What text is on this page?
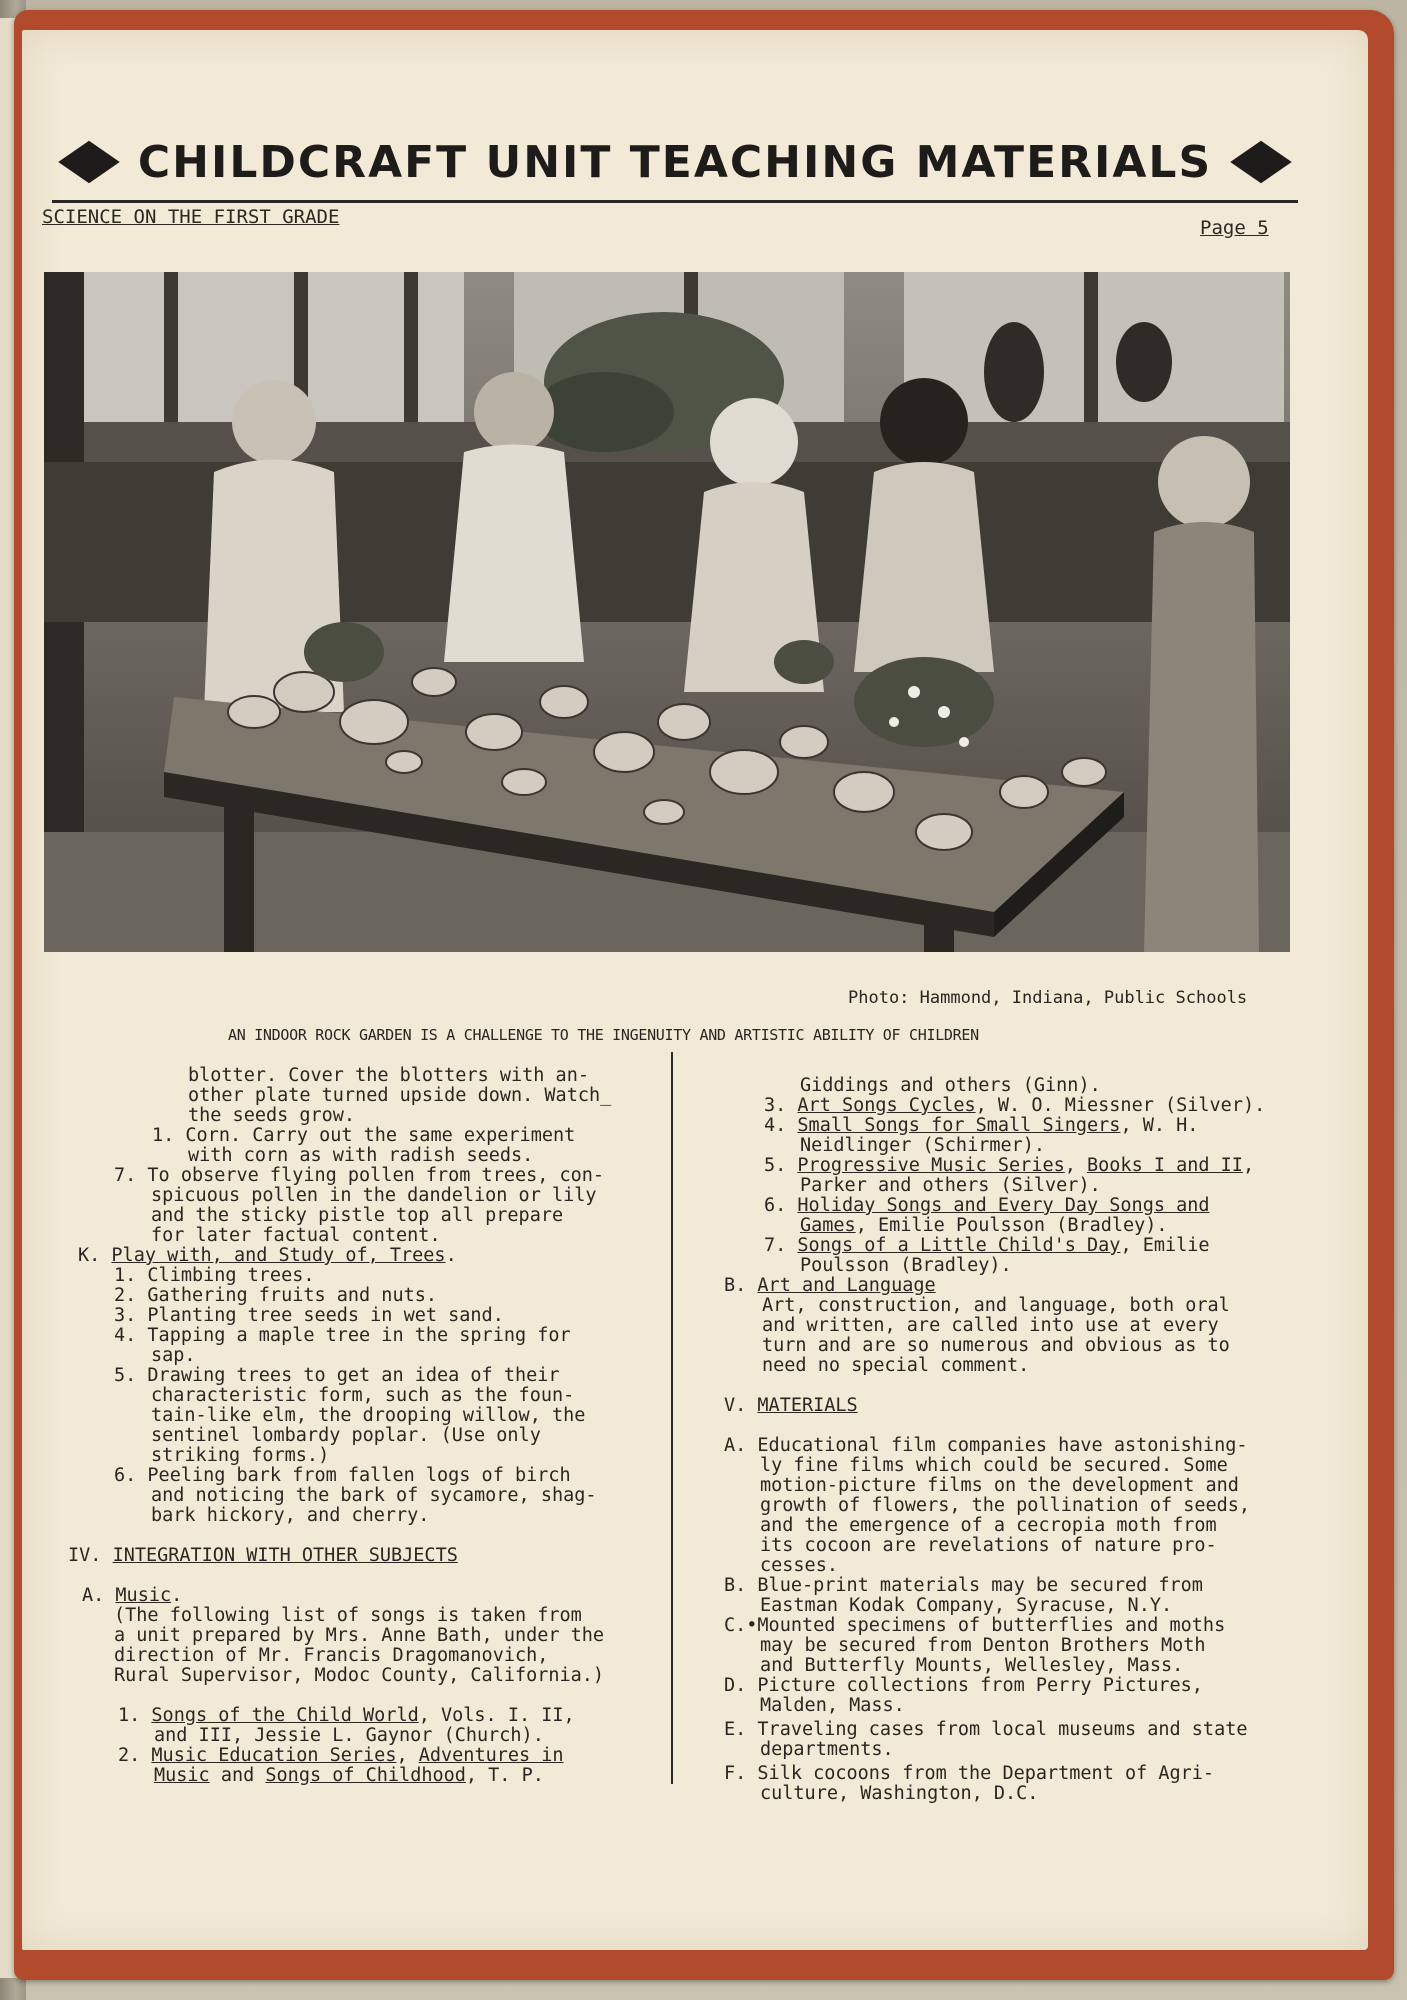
CHILDCRAFT UNIT TEACHING MATERIALS
SCIENCE ON THE FIRST GRADE	Page 5
Photo: Hammond, Indiana, Public Schools
AN INDOOR ROCK GARDEN IS A CHALLENGE TO THE INGENUITY AND ARTISTIC ABILITY OF CHILDREN
blotter. Cover the blotters with an-
other plate turned upside down. Watch_
the seeds grow.
1. Corn. Carry out the same experiment
with corn as with radish seeds.
7. To observe flying pollen from trees, con-
spicuous pollen in the dandelion or lily
and the sticky pistle top all prepare
for later factual content.
K. Play with, and Study of, Trees.
1. Climbing trees.
2. Gathering fruits and nuts.
3. Planting tree seeds in wet sand.
4. Tapping a maple tree in the spring for
sap.
5. Drawing trees to get an idea of their
characteristic form, such as the foun-
tain-like elm, the drooping willow, the
sentinel lombardy poplar. (Use only
striking forms.)
6. Peeling bark from fallen logs of birch
and noticing the bark of sycamore, shag-
bark hickory, and cherry.
IV. INTEGRATION WITH OTHER SUBJECTS
A. Music.
(The following list of songs is taken from
a unit prepared by Mrs. Anne Bath, under the
direction of Mr. Francis Dragomanovich,
Rural Supervisor, Modoc County, California.)
1. Songs of the Child World, Vols. I. II,
and III, Jessie L. Gaynor (Church).
2. Music Education Series, Adventures in
Music and Songs of Childhood, T. P.
Giddings and others (Ginn).
3. Art Songs Cycles, W. O. Miessner (Silver).
4. Small Songs for Small Singers, W. H.
Neidlinger (Schirmer).
5. Progressive Music Series, Books I and II,
Parker and others (Silver).
6. Holiday Songs and Every Day Songs and
Games, Emilie Poulsson (Bradley).
7. Songs of a Little Child's Day, Emilie
Poulsson (Bradley).
B. Art and Language
Art, construction, and language, both oral
and written, are called into use at every
turn and are so numerous and obvious as to
need no special comment.
V. MATERIALS
A. Educational film companies have astonishing-
ly fine films which could be secured. Some
motion-picture films on the development and
growth of flowers, the pollination of seeds,
and the emergence of a cecropia moth from
its cocoon are revelations of nature pro-
cesses.
B. Blue-print materials may be secured from
Eastman Kodak Company, Syracuse, N.Y.
C.•Mounted specimens of butterflies and moths
may be secured from Denton Brothers Moth
and Butterfly Mounts, Wellesley, Mass.
D. Picture collections from Perry Pictures,
Malden, Mass.
E. Traveling cases from local museums and state
departments.
F. Silk cocoons from the Department of Agri-
culture, Washington, D.C.
